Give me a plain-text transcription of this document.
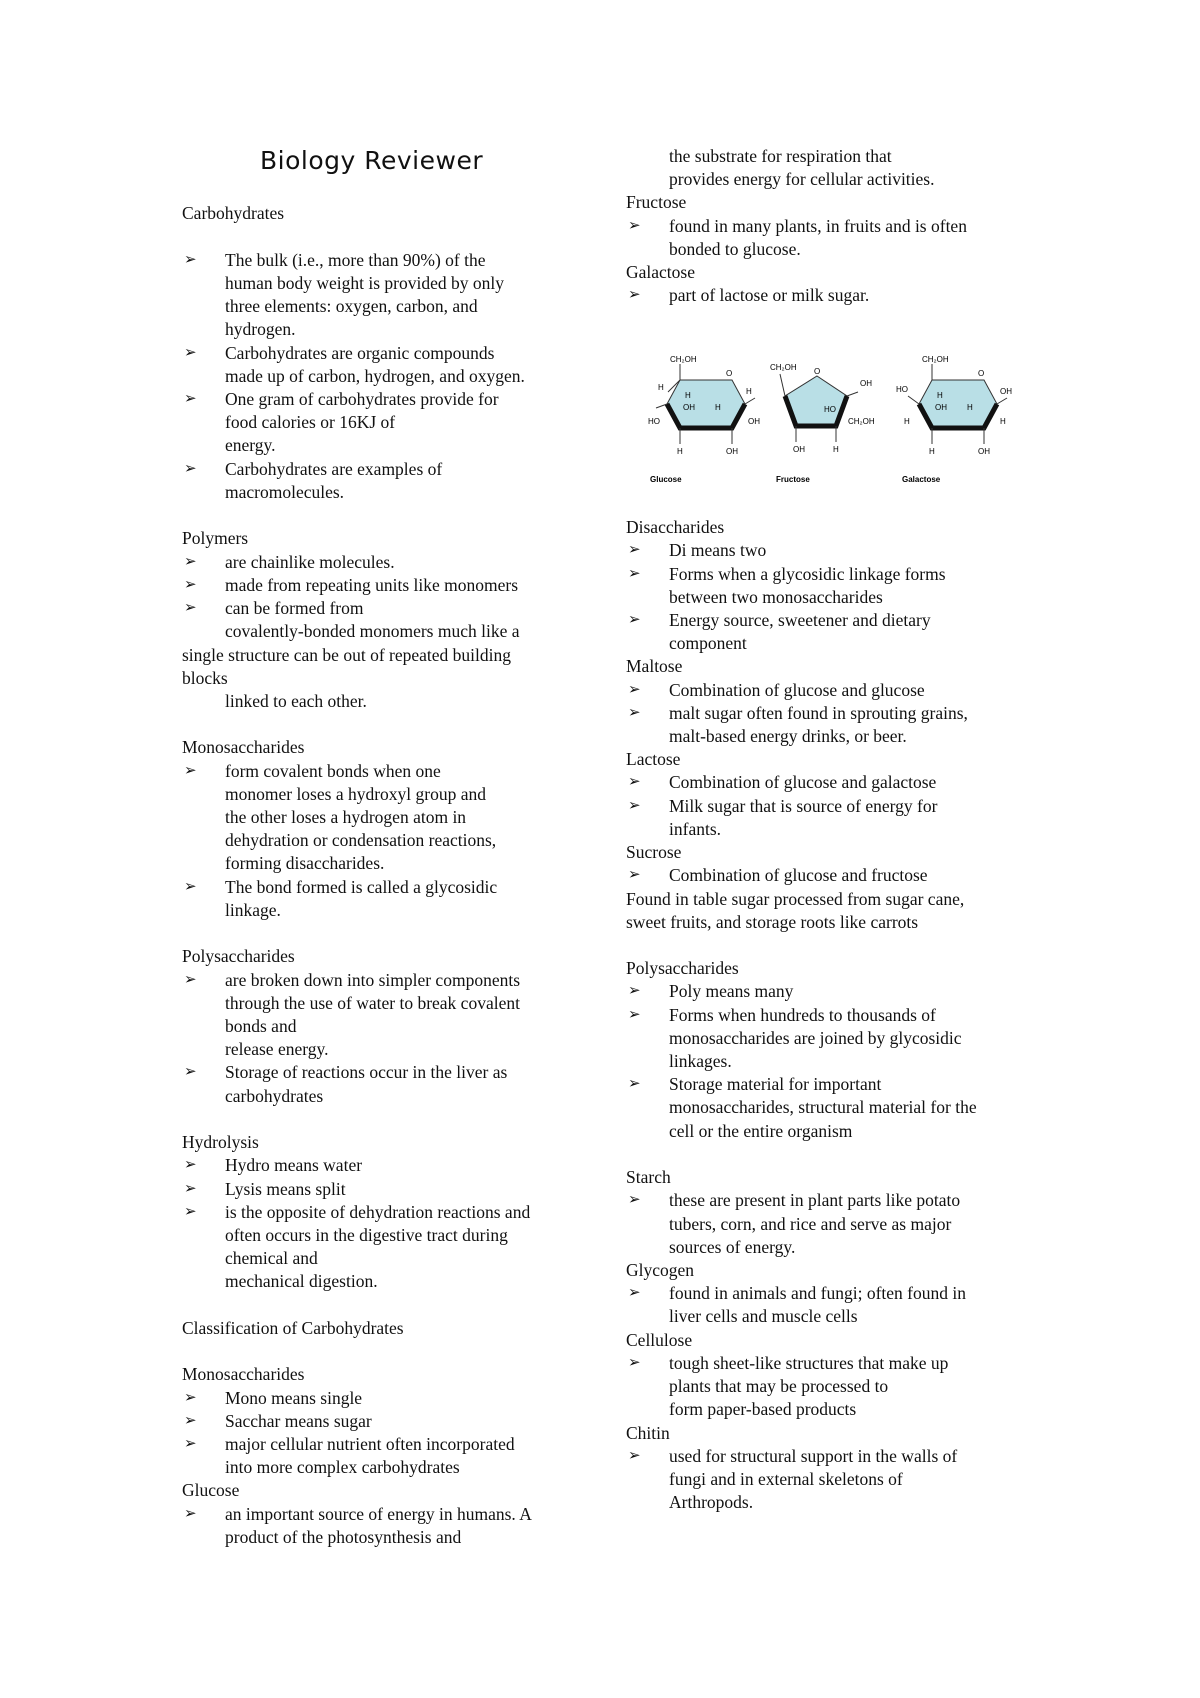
Biology Reviewer
Carbohydrates
➢ The bulk (i.e., more than 90%) of the
human body weight is provided by only
three elements: oxygen, carbon, and
hydrogen.
➢ Carbohydrates are organic compounds
made up of carbon, hydrogen, and oxygen.
➢ One gram of carbohydrates provide for
food calories or 16KJ of
energy.
➢ Carbohydrates are examples of
macromolecules.
Polymers
➢ are chainlike molecules.
➢ made from repeating units like monomers
➢ can be formed from
covalently-bonded monomers much like a
single structure can be out of repeated building
blocks
linked to each other.
Monosaccharides
➢ form covalent bonds when one
monomer loses a hydroxyl group and
the other loses a hydrogen atom in
dehydration or condensation reactions,
forming disaccharides.
➢ The bond formed is called a glycosidic
linkage.
Polysaccharides
➢ are broken down into simpler components
through the use of water to break covalent
bonds and
release energy.
➢ Storage of reactions occur in the liver as
carbohydrates
Hydrolysis
➢ Hydro means water
➢ Lysis means split
➢ is the opposite of dehydration reactions and
often occurs in the digestive tract during
chemical and
mechanical digestion.
Classification of Carbohydrates
Monosaccharides
➢ Mono means single
➢ Sacchar means sugar
➢ major cellular nutrient often incorporated
into more complex carbohydrates
Glucose
➢ an important source of energy in humans. A
product of the photosynthesis and
the substrate for respiration that
provides energy for cellular activities.
Fructose
➢ found in many plants, in fruits and is often
bonded to glucose.
Galactose
➢ part of lactose or milk sugar.
Disaccharides
➢ Di means two
➢ Forms when a glycosidic linkage forms
between two monosaccharides
➢ Energy source, sweetener and dietary
component
Maltose
➢ Combination of glucose and glucose
➢ malt sugar often found in sprouting grains,
malt-based energy drinks, or beer.
Lactose
➢ Combination of glucose and galactose
➢ Milk sugar that is source of energy for
infants.
Sucrose
➢ Combination of glucose and fructose
Found in table sugar processed from sugar cane,
sweet fruits, and storage roots like carrots
Polysaccharides
➢ Poly means many
➢ Forms when hundreds to thousands of
monosaccharides are joined by glycosidic
linkages.
➢ Storage material for important
monosaccharides, structural material for the
cell or the entire organism
Starch
➢ these are present in plant parts like potato
tubers, corn, and rice and serve as major
sources of energy.
Glycogen
➢ found in animals and fungi; often found in
liver cells and muscle cells
Cellulose
➢ tough sheet-like structures that make up
plants that may be processed to
form paper-based products
Chitin
➢ used for structural support in the walls of
fungi and in external skeletons of
Arthropods.
CH₂OH
O
H	H
H
OH	H
HO	OH
H	OH
Glucose
CH₂OH O
OH
HO
CH₂OH
OH	H
Fructose
CH₂OH
O
HO	OH
H
OH	H
H	H
H	OH
Galactose
